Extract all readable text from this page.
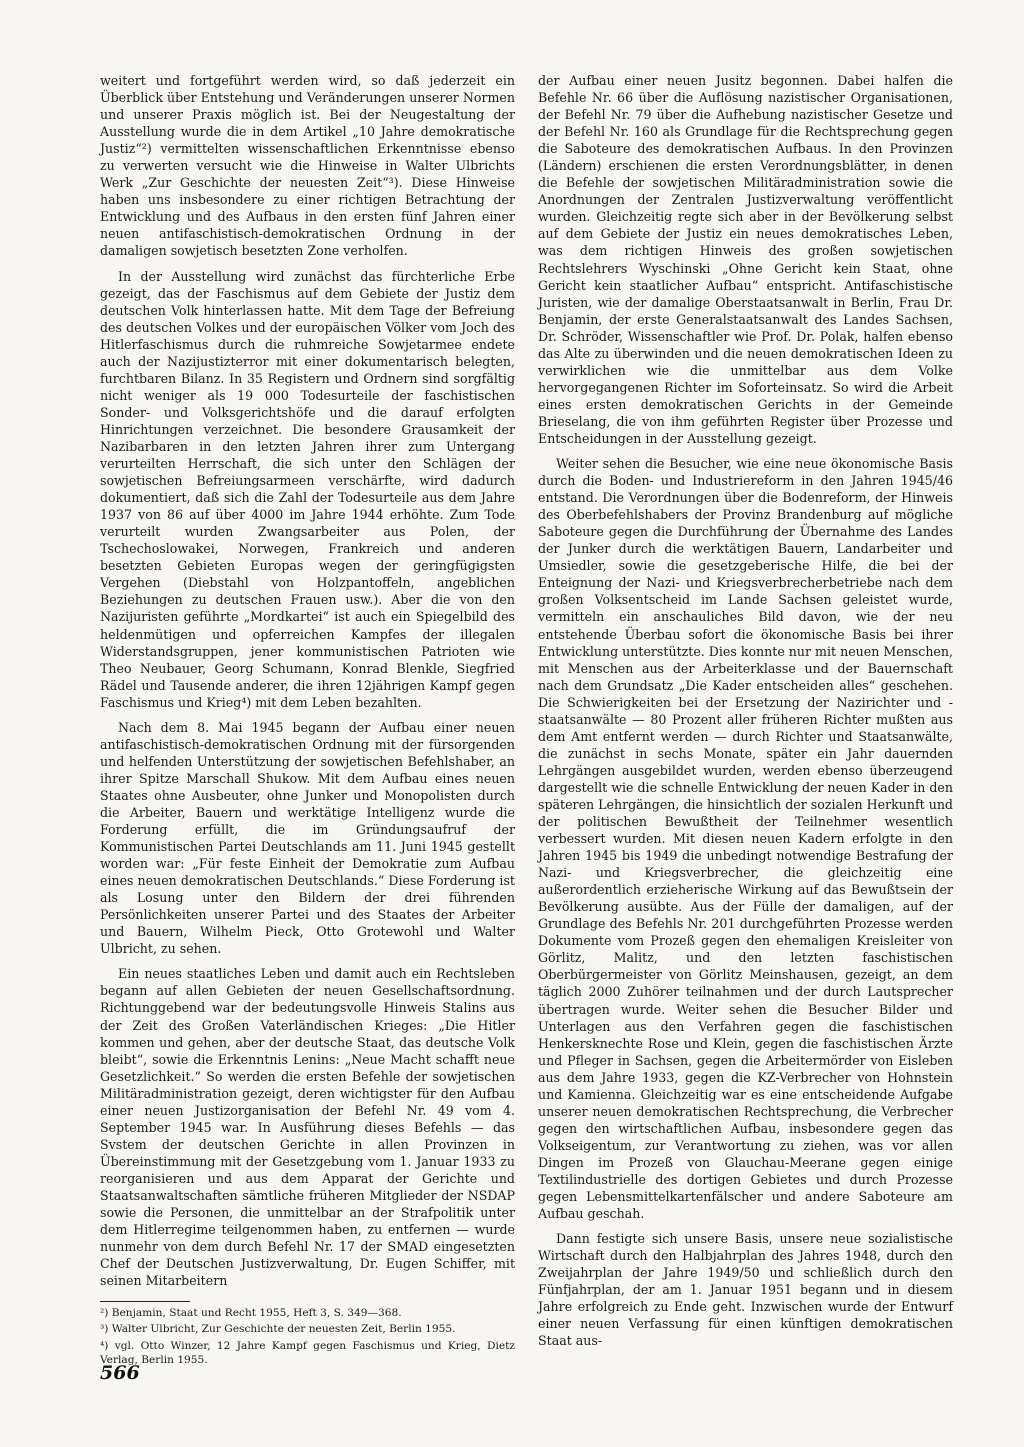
weitert und fortgeführt werden wird, so daß jederzeit ein Überblick über Entstehung und Veränderungen unserer Normen und unserer Praxis möglich ist. Bei der Neugestaltung der Ausstellung wurde die in dem Artikel „10 Jahre demokratische Justiz“²) vermittelten wissenschaftlichen Erkenntnisse ebenso zu verwerten versucht wie die Hinweise in Walter Ulbrichts Werk „Zur Geschichte der neuesten Zeit“³). Diese Hinweise haben uns insbesondere zu einer richtigen Betrachtung der Entwicklung und des Aufbaus in den ersten fünf Jahren einer neuen antifaschistisch-demokratischen Ordnung in der damaligen sowjetisch besetzten Zone verholfen.

In der Ausstellung wird zunächst das fürchterliche Erbe gezeigt, das der Faschismus auf dem Gebiete der Justiz dem deutschen Volk hinterlassen hatte. Mit dem Tage der Befreiung des deutschen Volkes und der europäischen Völker vom Joch des Hitlerfaschismus durch die ruhmreiche Sowjetarmee endete auch der Nazijustizterror mit einer dokumentarisch belegten, furchtbaren Bilanz. In 35 Registern und Ordnern sind sorgfältig nicht weniger als 19 000 Todesurteile der faschistischen Sonder- und Volksgerichtshöfe und die darauf erfolgten Hinrichtungen verzeichnet. Die besondere Grausamkeit der Nazibarbaren in den letzten Jahren ihrer zum Untergang verurteilten Herrschaft, die sich unter den Schlägen der sowjetischen Befreiungsarmeen verschärfte, wird dadurch dokumentiert, daß sich die Zahl der Todesurteile aus dem Jahre 1937 von 86 auf über 4000 im Jahre 1944 erhöhte. Zum Tode verurteilt wurden Zwangsarbeiter aus Polen, der Tschechoslowakei, Norwegen, Frankreich und anderen besetzten Gebieten Europas wegen der geringfügigsten Vergehen (Diebstahl von Holzpantoffeln, angeblichen Beziehungen zu deutschen Frauen usw.). Aber die von den Nazijuristen geführte „Mordkartei“ ist auch ein Spiegelbild des heldenmütigen und opferreichen Kampfes der illegalen Widerstandsgruppen, jener kommunistischen Patrioten wie Theo Neubauer, Georg Schumann, Konrad Blenkle, Siegfried Rädel und Tausende anderer, die ihren 12jährigen Kampf gegen Faschismus und Krieg⁴) mit dem Leben bezahlten.

Nach dem 8. Mai 1945 begann der Aufbau einer neuen antifaschistisch-demokratischen Ordnung mit der fürsorgenden und helfenden Unterstützung der sowjetischen Befehlshaber, an ihrer Spitze Marschall Shukow. Mit dem Aufbau eines neuen Staates ohne Ausbeuter, ohne Junker und Monopolisten durch die Arbeiter, Bauern und werktätige Intelligenz wurde die Forderung erfüllt, die im Gründungsaufruf der Kommunistischen Partei Deutschlands am 11. Juni 1945 gestellt worden war: „Für feste Einheit der Demokratie zum Aufbau eines neuen demokratischen Deutschlands.“ Diese Forderung ist als Losung unter den Bildern der drei führenden Persönlichkeiten unserer Partei und des Staates der Arbeiter und Bauern, Wilhelm Pieck, Otto Grotewohl und Walter Ulbricht, zu sehen.

Ein neues staatliches Leben und damit auch ein Rechtsleben begann auf allen Gebieten der neuen Gesellschaftsordnung. Richtunggebend war der bedeutungsvolle Hinweis Stalins aus der Zeit des Großen Vaterländischen Krieges: „Die Hitler kommen und gehen, aber der deutsche Staat, das deutsche Volk bleibt“, sowie die Erkenntnis Lenins: „Neue Macht schafft neue Gesetzlichkeit.“ So werden die ersten Befehle der sowjetischen Militäradministration gezeigt, deren wichtigster für den Aufbau einer neuen Justizorganisation der Befehl Nr. 49 vom 4. September 1945 war. In Ausführung dieses Befehls — das Svstem der deutschen Gerichte in allen Provinzen in Übereinstimmung mit der Gesetzgebung vom 1. Januar 1933 zu reorganisieren und aus dem Apparat der Gerichte und Staatsanwaltschaften sämtliche früheren Mitglieder der NSDAP sowie die Personen, die unmittelbar an der Strafpolitik unter dem Hitlerregime teilgenommen haben, zu entfernen — wurde nunmehr von dem durch Befehl Nr. 17 der SMAD eingesetzten Chef der Deutschen Justizverwaltung, Dr. Eugen Schiffer, mit seinen Mitarbeitern

der Aufbau einer neuen Jusitz begonnen. Dabei halfen die Befehle Nr. 66 über die Auflösung nazistischer Organisationen, der Befehl Nr. 79 über die Aufhebung nazistischer Gesetze und der Befehl Nr. 160 als Grundlage für die Rechtsprechung gegen die Saboteure des demokratischen Aufbaus. In den Provinzen (Ländern) erschienen die ersten Verordnungsblätter, in denen die Befehle der sowjetischen Militäradministration sowie die Anordnungen der Zentralen Justizverwaltung veröffentlicht wurden. Gleichzeitig regte sich aber in der Bevölkerung selbst auf dem Gebiete der Justiz ein neues demokratisches Leben, was dem richtigen Hinweis des großen sowjetischen Rechtslehrers Wyschinski „Ohne Gericht kein Staat, ohne Gericht kein staatlicher Aufbau“ entspricht. Antifaschistische Juristen, wie der damalige Oberstaatsanwalt in Berlin, Frau Dr. Benjamin, der erste Generalstaatsanwalt des Landes Sachsen, Dr. Schröder, Wissenschaftler wie Prof. Dr. Polak, halfen ebenso das Alte zu überwinden und die neuen demokratischen Ideen zu verwirklichen wie die unmittelbar aus dem Volke hervorgegangenen Richter im Soforteinsatz. So wird die Arbeit eines ersten demokratischen Gerichts in der Gemeinde Brieselang, die von ihm geführten Register über Prozesse und Entscheidungen in der Ausstellung gezeigt.

Weiter sehen die Besucher, wie eine neue ökonomische Basis durch die Boden- und Industriereform in den Jahren 1945/46 entstand. Die Verordnungen über die Bodenreform, der Hinweis des Oberbefehlshabers der Provinz Brandenburg auf mögliche Saboteure gegen die Durchführung der Übernahme des Landes der Junker durch die werktätigen Bauern, Landarbeiter und Umsiedler, sowie die gesetzgeberische Hilfe, die bei der Enteignung der Nazi- und Kriegsverbrecherbetriebe nach dem großen Volksentscheid im Lande Sachsen geleistet wurde, vermitteln ein anschauliches Bild davon, wie der neu entstehende Überbau sofort die ökonomische Basis bei ihrer Entwicklung unterstützte. Dies konnte nur mit neuen Menschen, mit Menschen aus der Arbeiterklasse und der Bauernschaft nach dem Grundsatz „Die Kader entscheiden alles“ geschehen. Die Schwierigkeiten bei der Ersetzung der Nazirichter und -staatsanwälte — 80 Prozent aller früheren Richter mußten aus dem Amt entfernt werden — durch Richter und Staatsanwälte, die zunächst in sechs Monate, später ein Jahr dauernden Lehrgängen ausgebildet wurden, werden ebenso überzeugend dargestellt wie die schnelle Entwicklung der neuen Kader in den späteren Lehrgängen, die hinsichtlich der sozialen Herkunft und der politischen Bewußtheit der Teilnehmer wesentlich verbessert wurden. Mit diesen neuen Kadern erfolgte in den Jahren 1945 bis 1949 die unbedingt notwendige Bestrafung der Nazi- und Kriegsverbrecher, die gleichzeitig eine außerordentlich erzieherische Wirkung auf das Bewußtsein der Bevölkerung ausübte. Aus der Fülle der damaligen, auf der Grundlage des Befehls Nr. 201 durchgeführten Prozesse werden Dokumente vom Prozeß gegen den ehemaligen Kreisleiter von Görlitz, Malitz, und den letzten faschistischen Oberbürgermeister von Görlitz Meinshausen, gezeigt, an dem täglich 2000 Zuhörer teilnahmen und der durch Lautsprecher übertragen wurde. Weiter sehen die Besucher Bilder und Unterlagen aus den Verfahren gegen die faschistischen Henkersknechte Rose und Klein, gegen die faschistischen Ärzte und Pfleger in Sachsen, gegen die Arbeitermörder von Eisleben aus dem Jahre 1933, gegen die KZ-Verbrecher von Hohnstein und Kamienna. Gleichzeitig war es eine entscheidende Aufgabe unserer neuen demokratischen Rechtsprechung, die Verbrecher gegen den wirtschaftlichen Aufbau, insbesondere gegen das Volkseigentum, zur Verantwortung zu ziehen, was vor allen Dingen im Prozeß von Glauchau-Meerane gegen einige Textilindustrielle des dortigen Gebietes und durch Prozesse gegen Lebensmittelkartenfälscher und andere Saboteure am Aufbau geschah.

Dann festigte sich unsere Basis, unsere neue sozialistische Wirtschaft durch den Halbjahrplan des Jahres 1948, durch den Zweijahrplan der Jahre 1949/50 und schließlich durch den Fünfjahrplan, der am 1. Januar 1951 begann und in diesem Jahre erfolgreich zu Ende geht. Inzwischen wurde der Entwurf einer neuen Verfassung für einen künftigen demokratischen Staat aus-

²) Benjamin, Staat und Recht 1955, Heft 3, S. 349—368.
³) Walter Ulbricht, Zur Geschichte der neuesten Zeit, Berlin 1955.
⁴) vgl. Otto Winzer, 12 Jahre Kampf gegen Faschismus und Krieg, Dietz Verlag, Berlin 1955.
566
